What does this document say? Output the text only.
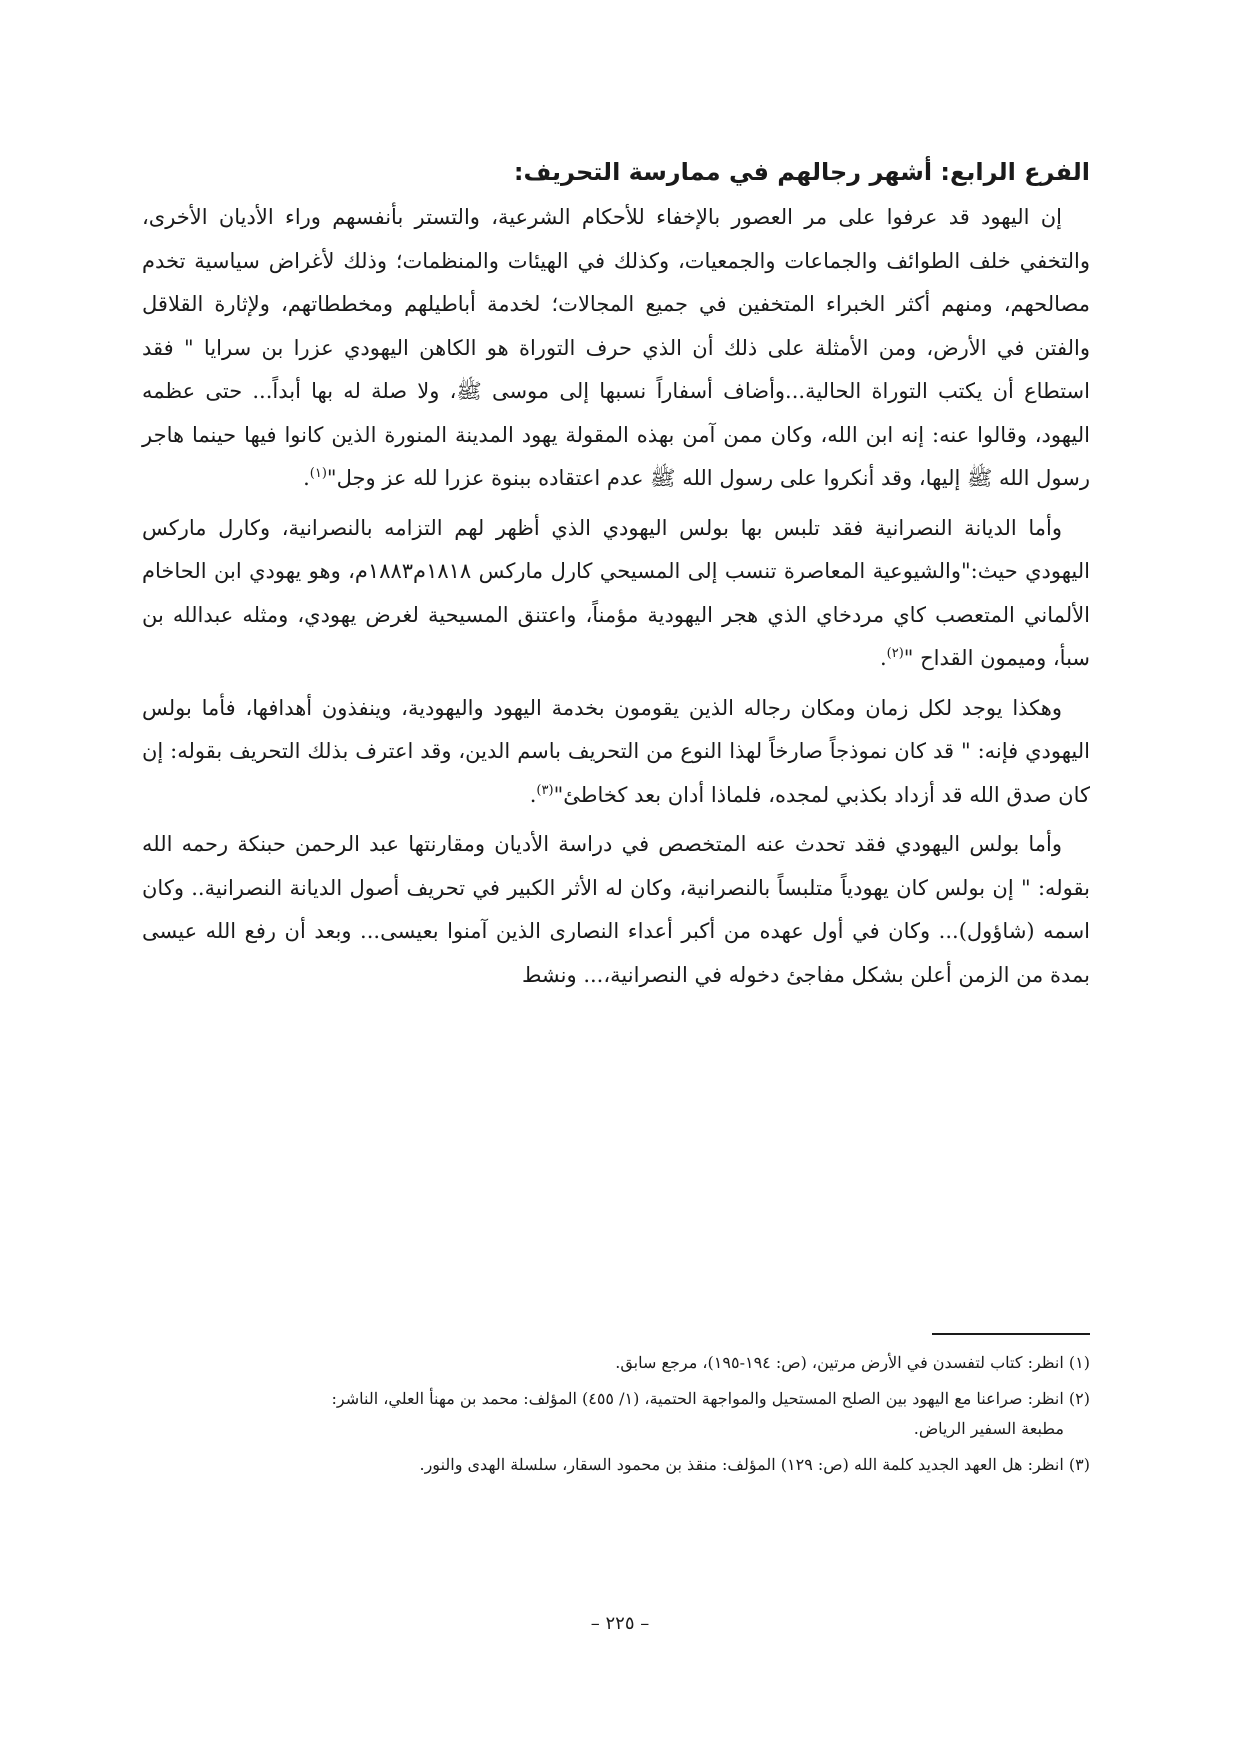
الفرع الرابع: أشهر رجالهم في ممارسة التحريف:

إن اليهود قد عرفوا على مر العصور بالإخفاء للأحكام الشرعية، والتستر بأنفسهم وراء الأديان الأخرى، والتخفي خلف الطوائف والجماعات والجمعيات، وكذلك في الهيئات والمنظمات؛ وذلك لأغراض سياسية تخدم مصالحهم، ومنهم أكثر الخبراء المتخفين في جميع المجالات؛ لخدمة أباطيلهم ومخططاتهم، ولإثارة القلاقل والفتن في الأرض، ومن الأمثلة على ذلك أن الذي حرف التوراة هو الكاهن اليهودي عزرا بن سرايا " فقد استطاع أن يكتب التوراة الحالية...وأضاف أسفاراً نسبها إلى موسى ﷺ، ولا صلة له بها أبداً... حتى عظمه اليهود، وقالوا عنه: إنه ابن الله، وكان ممن آمن بهذه المقولة يهود المدينة المنورة الذين كانوا فيها حينما هاجر رسول الله ﷺ إليها، وقد أنكروا على رسول الله ﷺ عدم اعتقاده ببنوة عزرا لله عز وجل"$^{(١)}$.

وأما الديانة النصرانية فقد تلبس بها بولس اليهودي الذي أظهر لهم التزامه بالنصرانية، وكارل ماركس اليهودي حيث:"والشيوعية المعاصرة تنسب إلى المسيحي كارل ماركس ١٨١٨م١٨٨٣م، وهو يهودي ابن الحاخام الألماني المتعصب كاي مردخاي الذي هجر اليهودية مؤمناً، واعتنق المسيحية لغرض يهودي، ومثله عبدالله بن سبأ، وميمون القداح "$^{(٢)}$.

وهكذا يوجد لكل زمان ومكان رجاله الذين يقومون بخدمة اليهود واليهودية، وينفذون أهدافها، فأما بولس اليهودي فإنه: " قد كان نموذجاً صارخاً لهذا النوع من التحريف باسم الدين، وقد اعترف بذلك التحريف بقوله: إن كان صدق الله قد أزداد بكذبي لمجده، فلماذا أدان بعد كخاطئ"$^{(٣)}$.

وأما بولس اليهودي فقد تحدث عنه المتخصص في دراسة الأديان ومقارنتها عبد الرحمن حبنكة رحمه الله بقوله: " إن بولس كان يهودياً متلبساً بالنصرانية، وكان له الأثر الكبير في تحريف أصول الديانة النصرانية.. وكان اسمه (شاؤول)... وكان في أول عهده من أكبر أعداء النصارى الذين آمنوا بعيسى... وبعد أن رفع الله عيسى بمدة من الزمن أعلن بشكل مفاجئ دخوله في النصرانية،... ونشط

(١) انظر: كتاب لتفسدن في الأرض مرتين، (ص: ١٩٤-١٩٥)، مرجع سابق.

(٢) انظر: صراعنا مع اليهود بين الصلح المستحيل والمواجهة الحتمية، (١/ ٤٥٥) المؤلف: محمد بن مهنأ العلي، الناشر:
مطبعة السفير الرياض.

(٣) انظر: هل العهد الجديد كلمة الله (ص: ١٢٩) المؤلف: منقذ بن محمود السقار، سلسلة الهدى والنور.

– ٢٢٥ –
